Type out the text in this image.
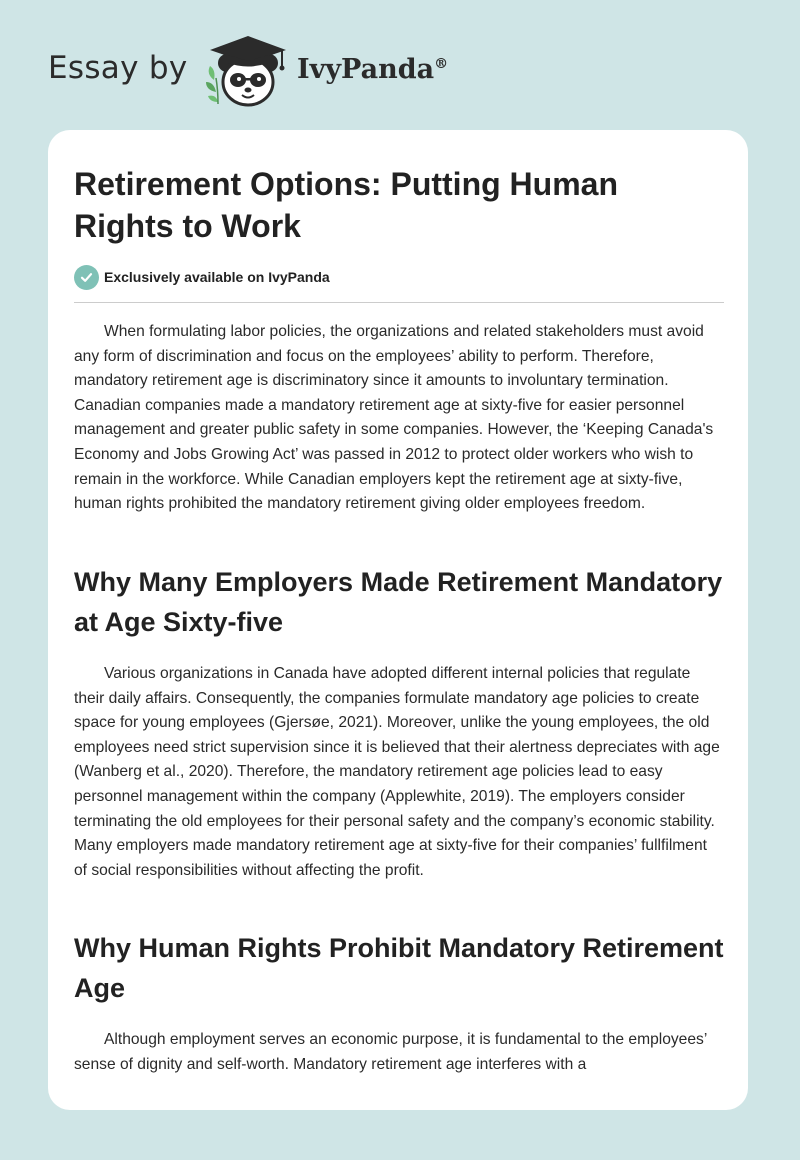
Essay by	IvyPanda®
Retirement Options: Putting Human Rights to Work
Exclusively available on IvyPanda

When formulating labor policies, the organizations and related stakeholders must avoid any form of discrimination and focus on the employees’ ability to perform. Therefore, mandatory retirement age is discriminatory since it amounts to involuntary termination. Canadian companies made a mandatory retirement age at sixty-five for easier personnel management and greater public safety in some companies. However, the ‘Keeping Canada's Economy and Jobs Growing Act’ was passed in 2012 to protect older workers who wish to remain in the workforce. While Canadian employers kept the retirement age at sixty-five, human rights prohibited the mandatory retirement giving older employees freedom.

Why Many Employers Made Retirement Mandatory at Age Sixty-five

Various organizations in Canada have adopted different internal policies that regulate their daily affairs. Consequently, the companies formulate mandatory age policies to create space for young employees (Gjersøe, 2021). Moreover, unlike the young employees, the old employees need strict supervision since it is believed that their alertness depreciates with age (Wanberg et al., 2020). Therefore, the mandatory retirement age policies lead to easy personnel management within the company (Applewhite, 2019). The employers consider terminating the old employees for their personal safety and the company’s economic stability. Many employers made mandatory retirement age at sixty-five for their companies’ fullfilment of social responsibilities without affecting the profit.

Why Human Rights Prohibit Mandatory Retirement Age

Although employment serves an economic purpose, it is fundamental to the employees’ sense of dignity and self-worth. Mandatory retirement age interferes with a
